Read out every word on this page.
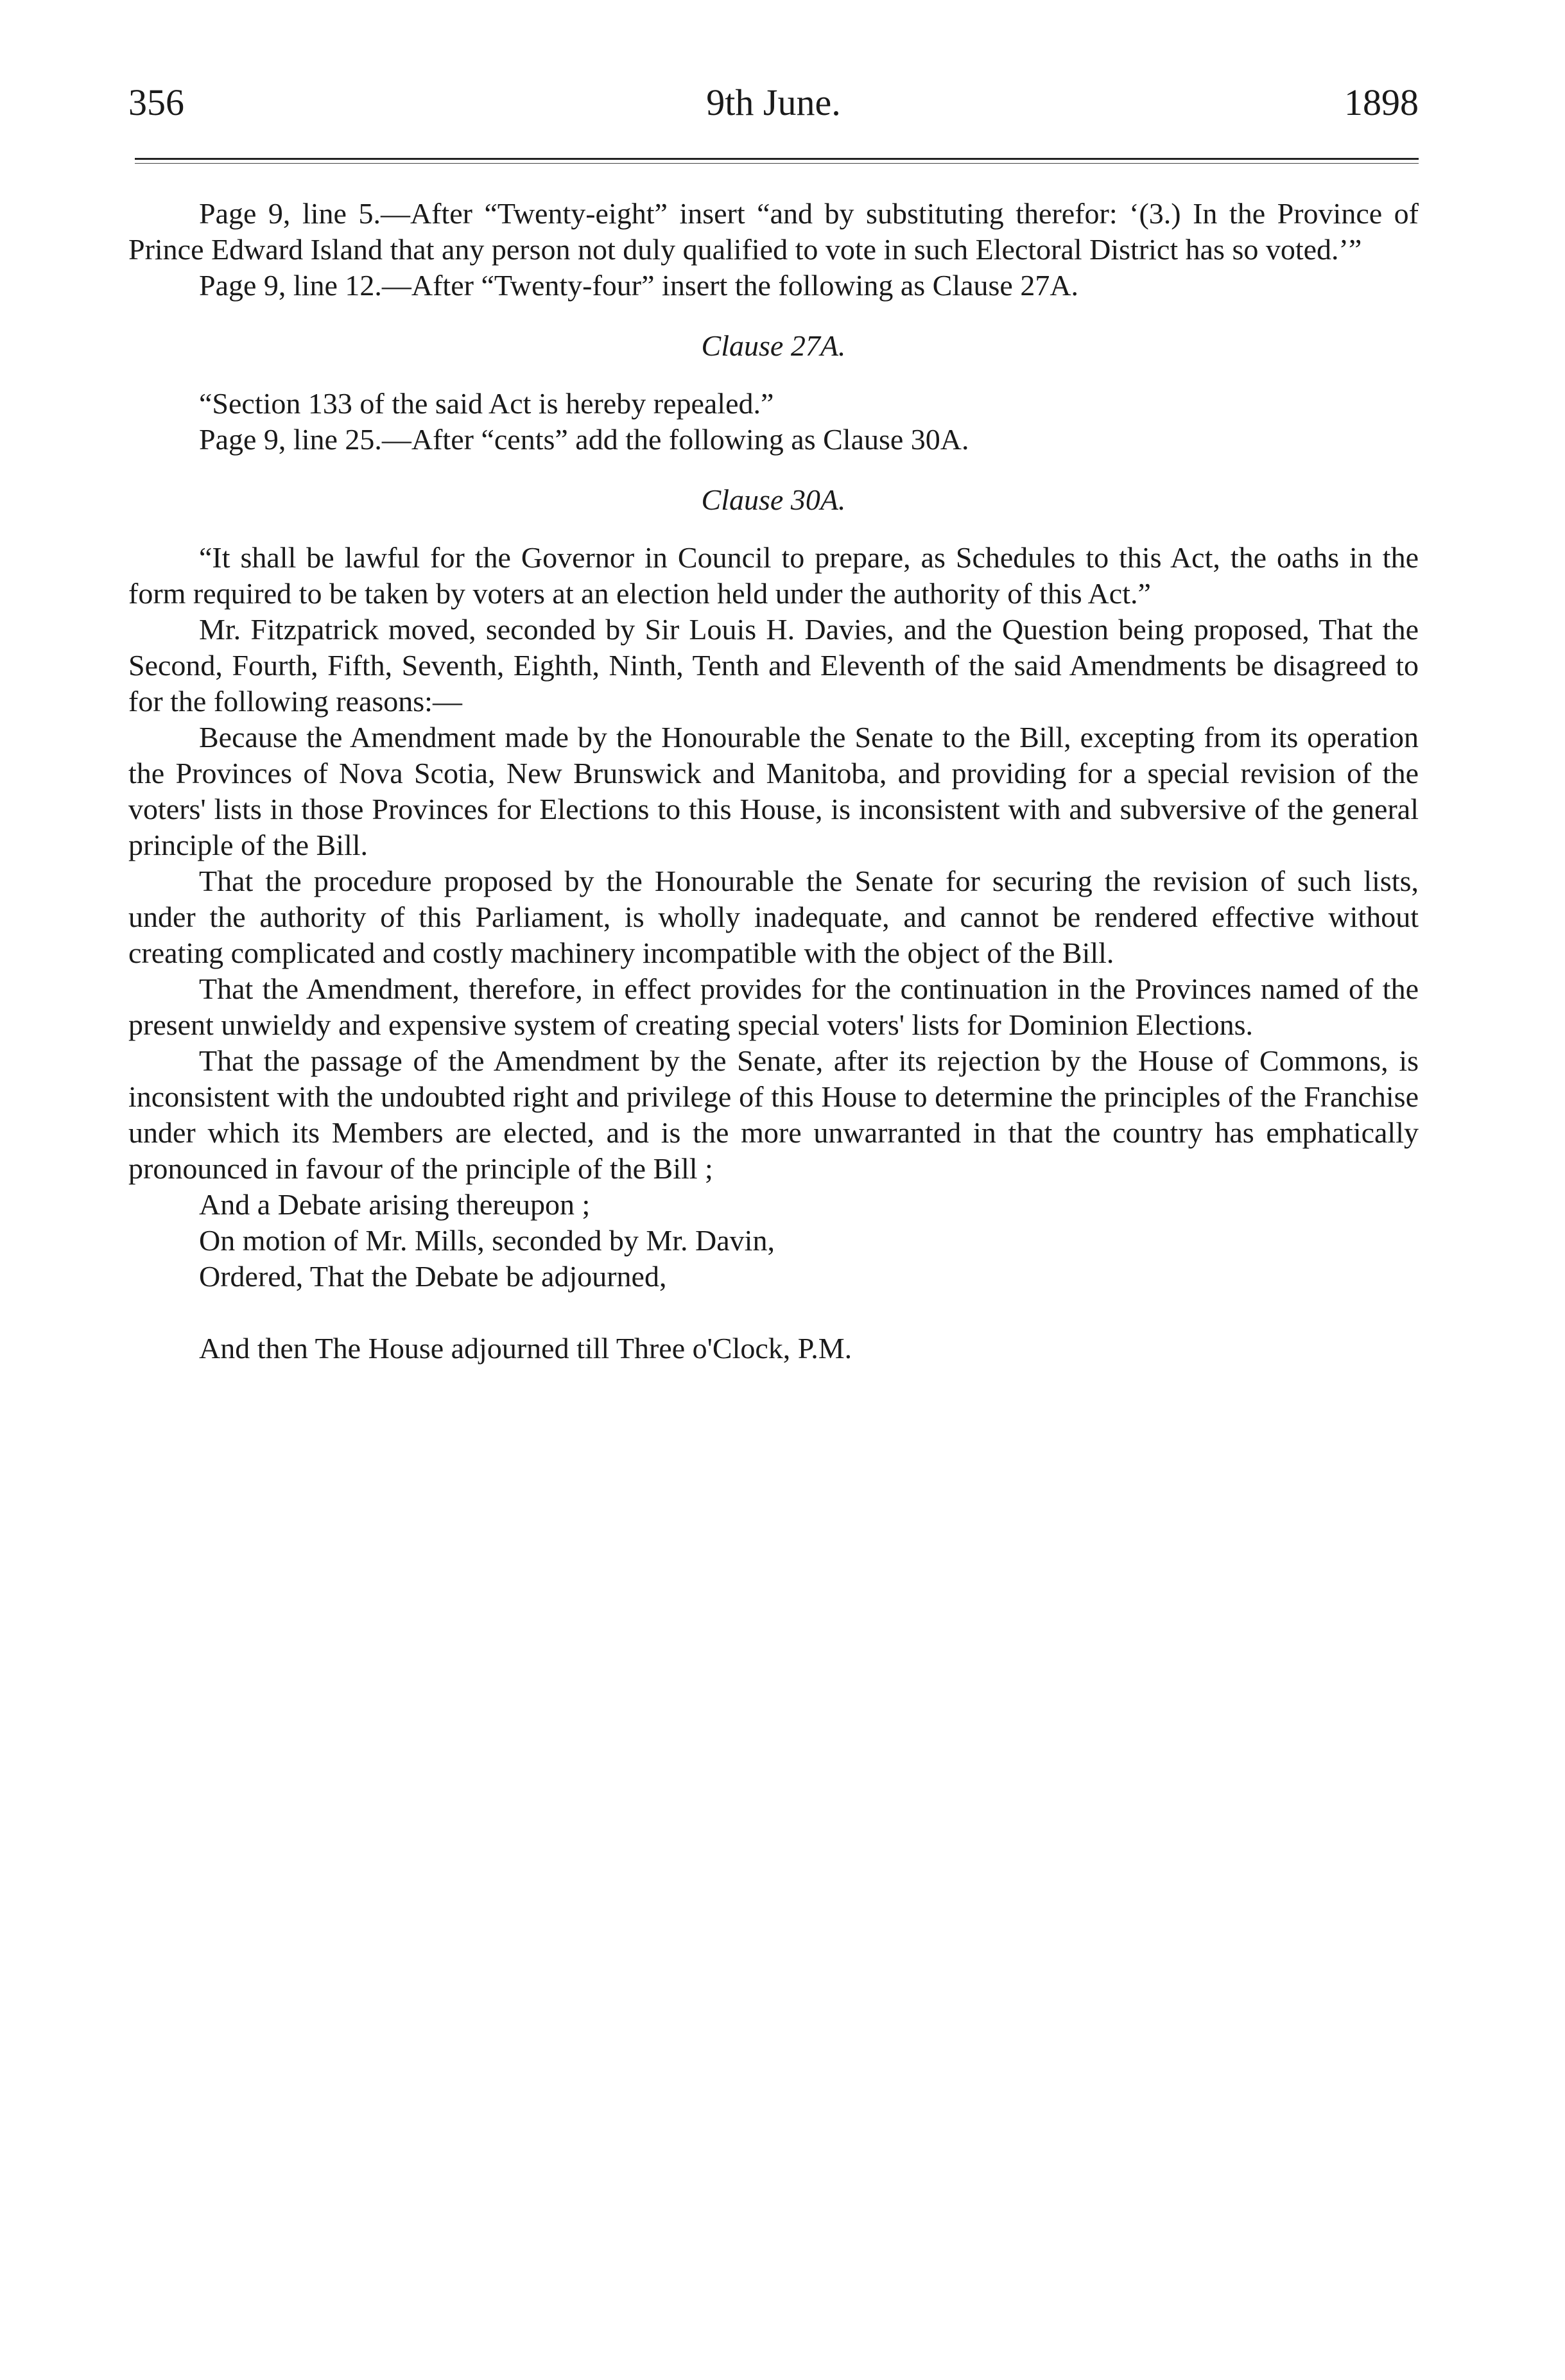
356	9th June.	1898

Page 9, line 5.—After “Twenty-eight” insert “and by substituting therefor: ‘(3.) In the Province of Prince Edward Island that any person not duly qualified to vote in such Electoral District has so voted.’”

Page 9, line 12.—After “Twenty-four” insert the following as Clause 27A.

Clause 27A.

“Section 133 of the said Act is hereby repealed.”

Page 9, line 25.—After “cents” add the following as Clause 30A.

Clause 30A.

“It shall be lawful for the Governor in Council to prepare, as Schedules to this Act, the oaths in the form required to be taken by voters at an election held under the authority of this Act.”

Mr. Fitzpatrick moved, seconded by Sir Louis H. Davies, and the Question being proposed, That the Second, Fourth, Fifth, Seventh, Eighth, Ninth, Tenth and Eleventh of the said Amendments be disagreed to for the following reasons:—

Because the Amendment made by the Honourable the Senate to the Bill, excepting from its operation the Provinces of Nova Scotia, New Brunswick and Manitoba, and providing for a special revision of the voters' lists in those Provinces for Elections to this House, is inconsistent with and subversive of the general principle of the Bill.

That the procedure proposed by the Honourable the Senate for securing the revision of such lists, under the authority of this Parliament, is wholly inadequate, and cannot be rendered effective without creating complicated and costly machinery incompatible with the object of the Bill.

That the Amendment, therefore, in effect provides for the continuation in the Provinces named of the present unwieldy and expensive system of creating special voters' lists for Dominion Elections.

That the passage of the Amendment by the Senate, after its rejection by the House of Commons, is inconsistent with the undoubted right and privilege of this House to determine the principles of the Franchise under which its Members are elected, and is the more unwarranted in that the country has emphatically pronounced in favour of the principle of the Bill ;

And a Debate arising thereupon ;

On motion of Mr. Mills, seconded by Mr. Davin,

Ordered, That the Debate be adjourned,

And then The House adjourned till Three o'Clock, P.M.
